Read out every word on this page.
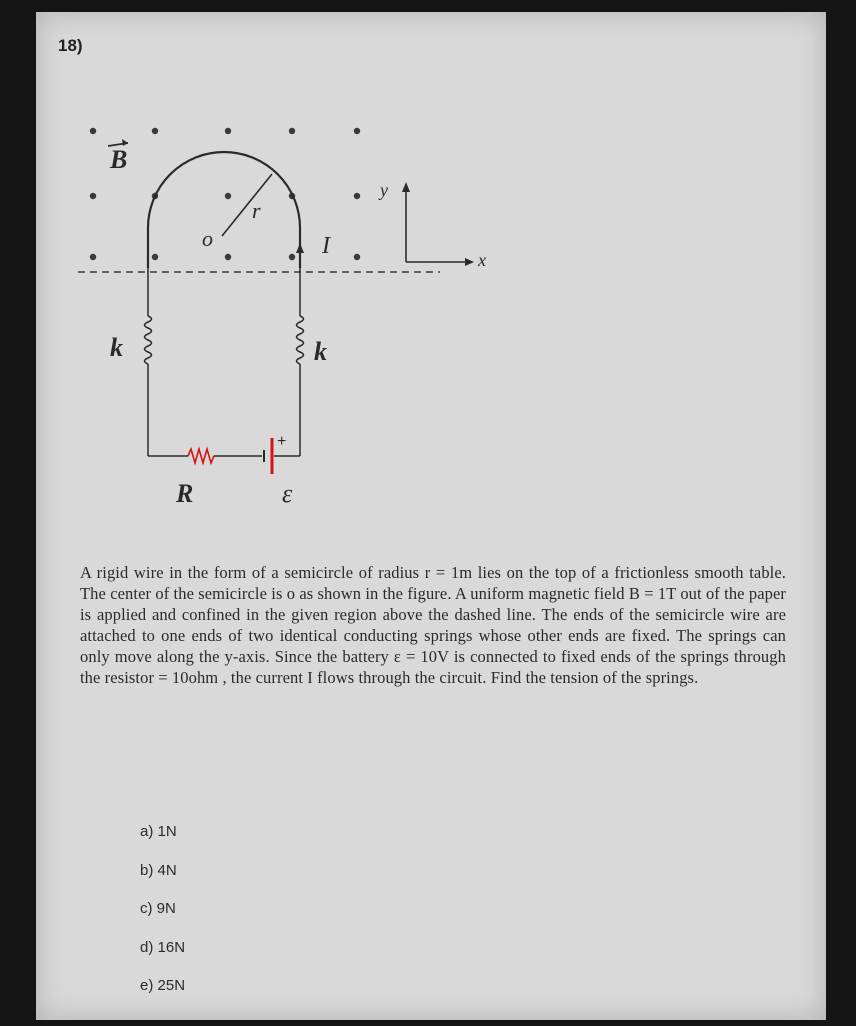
18)
B
r
o	I
y
x
k	k
+
R	ε
A rigid wire in the form of a semicircle of radius r = 1m lies on the top of a frictionless smooth table. The center of the semicircle is o as shown in the figure. A uniform magnetic field B = 1T out of the paper is applied and confined in the given region above the dashed line. The ends of the semicircle wire are attached to one ends of two identical conducting springs whose other ends are fixed. The springs can only move along the y-axis. Since the battery ε = 10V is connected to fixed ends of the springs through the resistor = 10ohm , the current I flows through the circuit. Find the tension of the springs.
a) 1N
b) 4N
c) 9N
d) 16N
e) 25N
